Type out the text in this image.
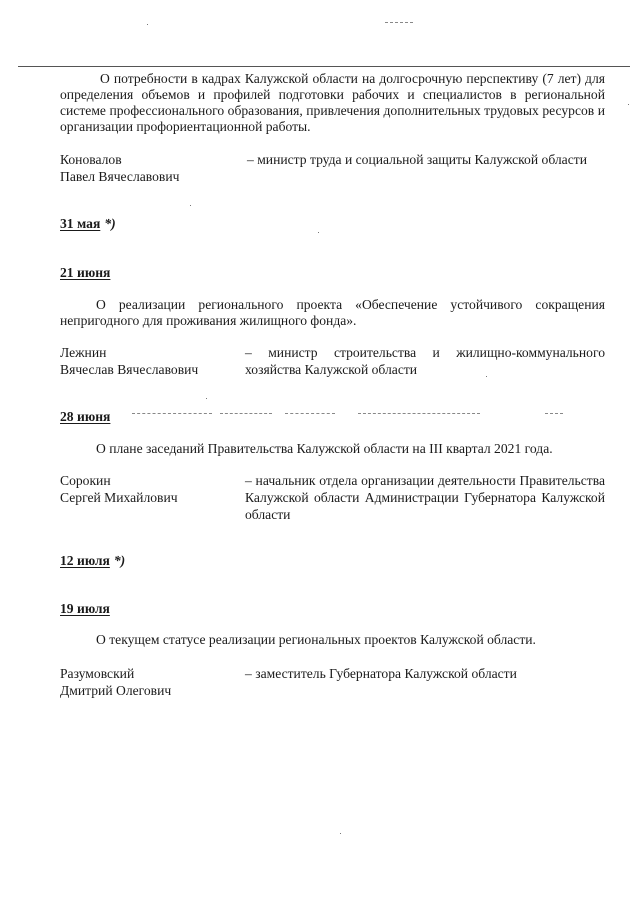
О потребности в кадрах Калужской области на долгосрочную перспективу (7 лет) для определения объемов и профилей подготовки рабочих и специалистов в региональной системе профессионального образования, привлечения дополнительных трудовых ресурсов и организации профориентационной работы.

Коновалов
Павел Вячеславович

– министр труда и социальной защиты Калужской области

31 мая *)

21 июня

О реализации регионального проекта «Обеспечение устойчивого сокращения непригодного для проживания жилищного фонда».

Лежнин
Вячеслав Вячеславович

– министр строительства и жилищно-коммунального хозяйства Калужской области

28 июня

О плане заседаний Правительства Калужской области на III квартал 2021 года.

Сорокин
Сергей Михайлович

– начальник отдела организации деятельности Правительства Калужской области Администрации Губернатора Калужской области

12 июля *)

19 июля

О текущем статусе реализации региональных проектов Калужской области.

Разумовский
Дмитрий Олегович

– заместитель Губернатора Калужской области
